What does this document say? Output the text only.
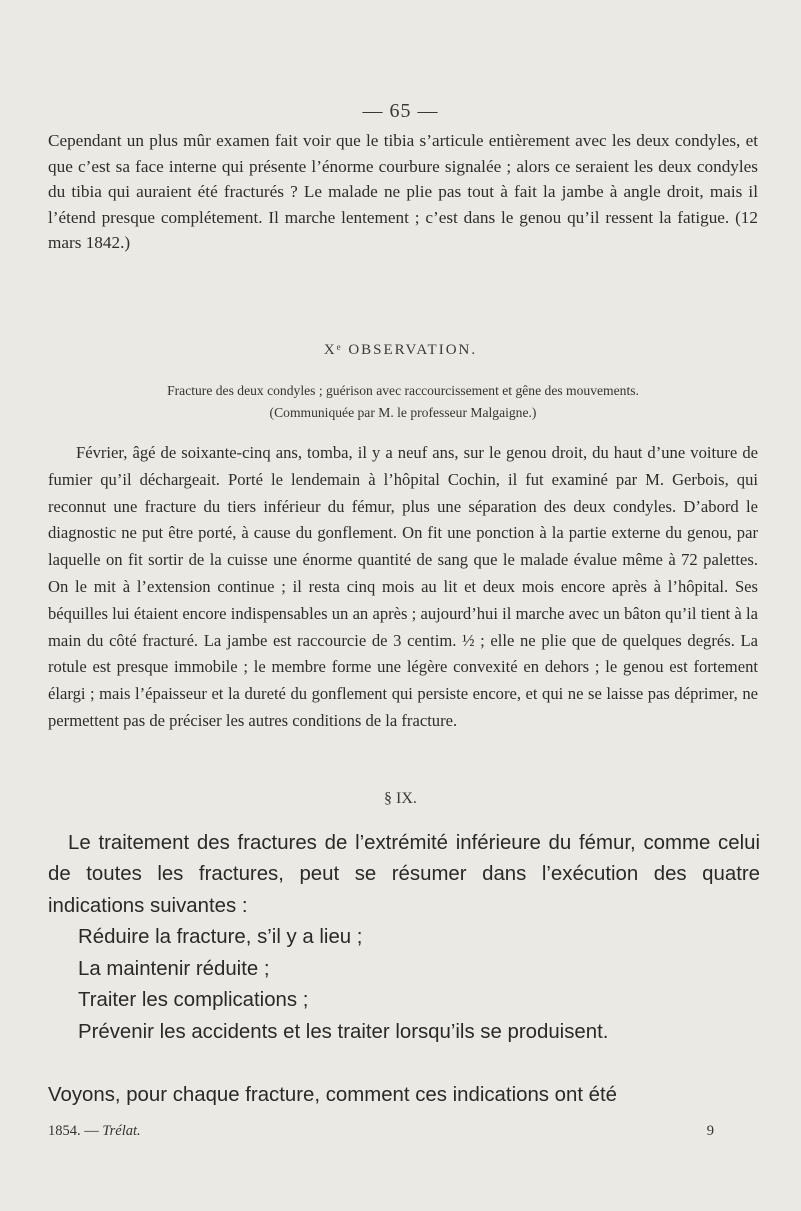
— 65 —
Cependant un plus mûr examen fait voir que le tibia s’articule entièrement avec les deux condyles, et que c’est sa face interne qui présente l’énorme courbure signalée ; alors ce seraient les deux condyles du tibia qui auraient été fracturés ? Le malade ne plie pas tout à fait la jambe à angle droit, mais il l’étend presque complétement. Il marche lentement ; c’est dans le genou qu’il ressent la fatigue. (12 mars 1842.)
Xᵉ OBSERVATION.
Fracture des deux condyles ; guérison avec raccourcissement et gêne des mouvements.
(Communiquée par M. le professeur Malgaigne.)
Février, âgé de soixante-cinq ans, tomba, il y a neuf ans, sur le genou droit, du haut d’une voiture de fumier qu’il déchargeait. Porté le lendemain à l’hôpital Cochin, il fut examiné par M. Gerbois, qui reconnut une fracture du tiers inférieur du fémur, plus une séparation des deux condyles. D’abord le diagnostic ne put être porté, à cause du gonflement. On fit une ponction à la partie externe du genou, par laquelle on fit sortir de la cuisse une énorme quantité de sang que le malade évalue même à 72 palettes. On le mit à l’extension continue ; il resta cinq mois au lit et deux mois encore après à l’hôpital. Ses béquilles lui étaient encore indispensables un an après ; aujourd’hui il marche avec un bâton qu’il tient à la main du côté fracturé. La jambe est raccourcie de 3 centim. ½ ; elle ne plie que de quelques degrés. La rotule est presque immobile ; le membre forme une légère convexité en dehors ; le genou est fortement élargi ; mais l’épaisseur et la dureté du gonflement qui persiste encore, et qui ne se laisse pas déprimer, ne permettent pas de préciser les autres conditions de la fracture.
§ IX.
Le traitement des fractures de l’extrémité inférieure du fémur, comme celui de toutes les fractures, peut se résumer dans l’exécution des quatre indications suivantes :
Réduire la fracture, s’il y a lieu ;
La maintenir réduite ;
Traiter les complications ;
Prévenir les accidents et les traiter lorsqu’ils se produisent.
Voyons, pour chaque fracture, comment ces indications ont été
1854. — Trélat.	9
